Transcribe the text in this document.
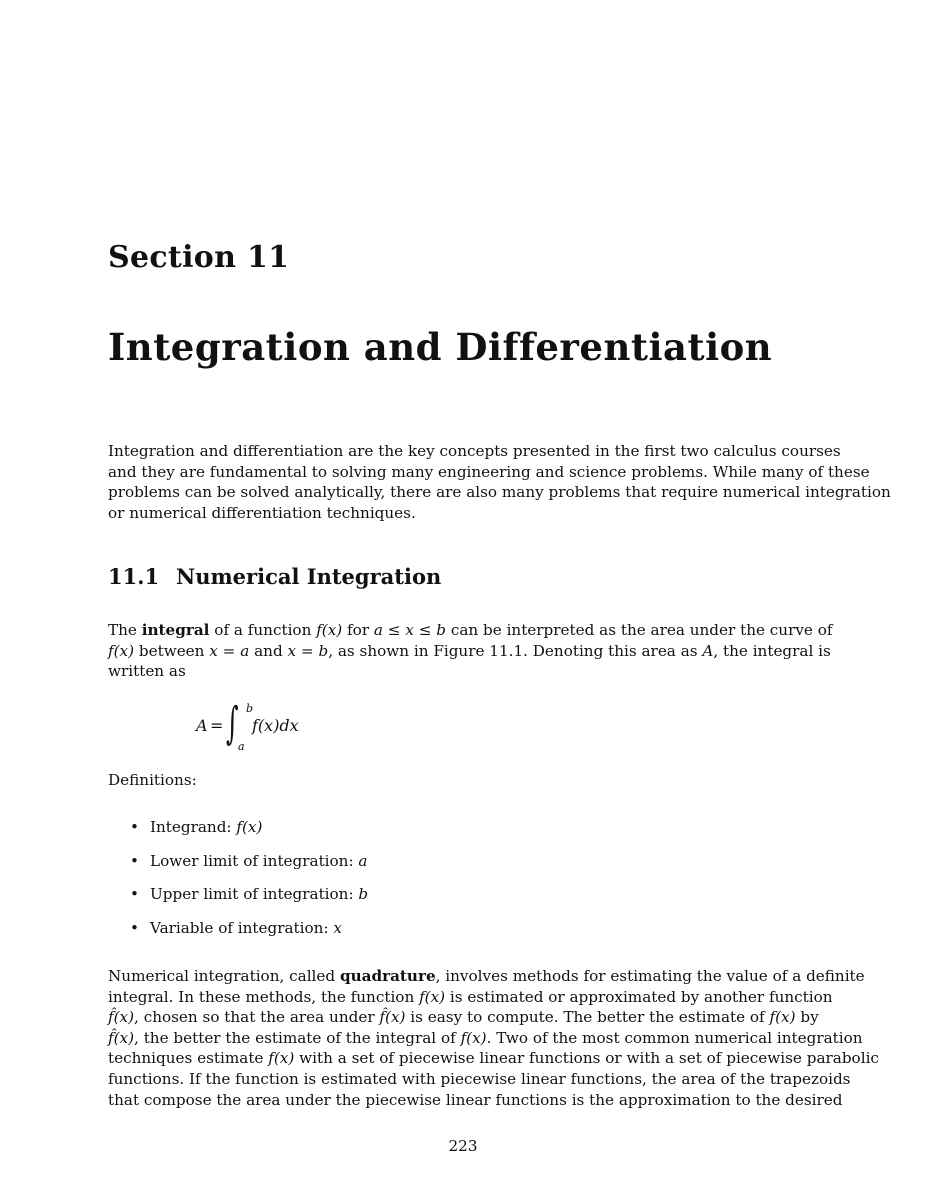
Section 11
Integration and Differentiation

Integration and differentiation are the key concepts presented in the first two calculus courses
and they are fundamental to solving many engineering and science problems. While many of these
problems can be solved analytically, there are also many problems that require numerical integration
or numerical differentiation techniques.

11.1 Numerical Integration

The integral of a function f(x) for a ≤ x ≤ b can be interpreted as the area under the curve of
f(x) between x = a and x = b, as shown in Figure 11.1. Denoting this area as A, the integral is
written as

A = ∫ b
a
f(x)dx
Definitions:
• Integrand: f(x)
• Lower limit of integration: a
• Upper limit of integration: b
• Variable of integration: x

Numerical integration, called quadrature, involves methods for estimating the value of a definite
integral. In these methods, the function f(x) is estimated or approximated by another function
f̂(x), chosen so that the area under f̂(x) is easy to compute. The better the estimate of f(x) by
f̂(x), the better the estimate of the integral of f(x). Two of the most common numerical integration
techniques estimate f(x) with a set of piecewise linear functions or with a set of piecewise parabolic
functions. If the function is estimated with piecewise linear functions, the area of the trapezoids
that compose the area under the piecewise linear functions is the approximation to the desired

223
